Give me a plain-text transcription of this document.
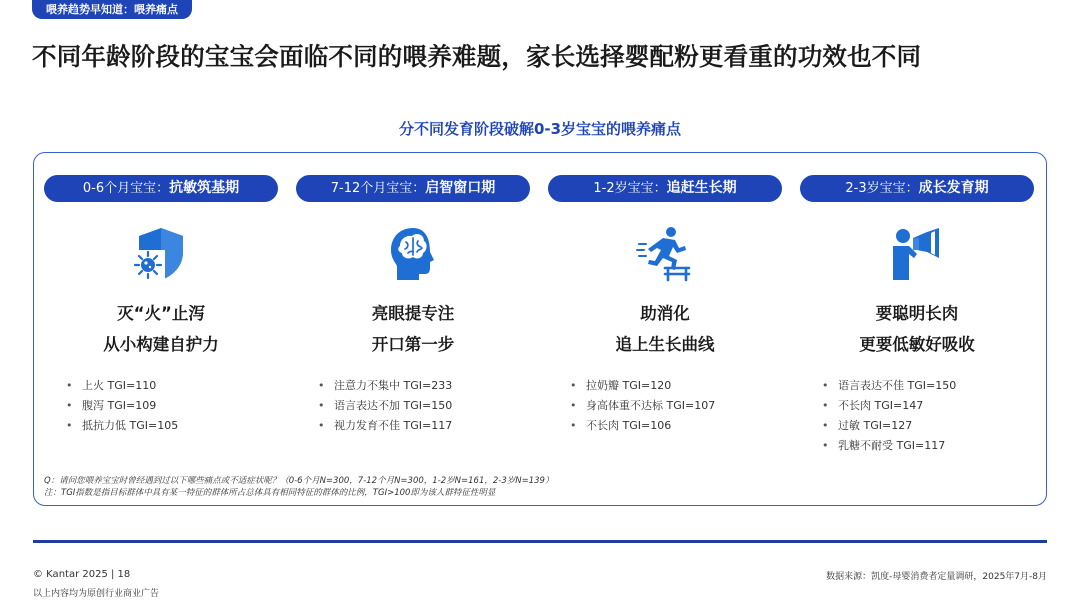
喂养趋势早知道：喂养痛点
不同年龄阶段的宝宝会面临不同的喂养难题，家长选择婴配粉更看重的功效也不同
分不同发育阶段破解0-3岁宝宝的喂养痛点
0-6个月宝宝：抗敏筑基期
灭“火”止泻
从小构建自护力
• 上火 TGI=110
• 腹泻 TGI=109
• 抵抗力低 TGI=105
7-12个月宝宝：启智窗口期
亮眼提专注
开口第一步
• 注意力不集中 TGI=233
• 语言表达不加 TGI=150
• 视力发育不佳 TGI=117
1-2岁宝宝：追赶生长期
助消化
追上生长曲线
• 拉奶瓣 TGI=120
• 身高体重不达标 TGI=107
• 不长肉 TGI=106
2-3岁宝宝：成长发育期
要聪明长肉
更要低敏好吸收
• 语言表达不佳 TGI=150
• 不长肉 TGI=147
• 过敏 TGI=127
• 乳糖不耐受 TGI=117
Q：请问您喂养宝宝时曾经遇到过以下哪些痛点或不适症状呢？（0-6个月N=300，7-12个月N=300，1-2岁N=161，2-3岁N=139）
注：TGI指数是指目标群体中具有某一特征的群体所占总体具有相同特征的群体的比例，TGI>100即为该人群特征性明显
© Kantar 2025 | 18
以上内容均为原创行业商业广告
数据来源：凯度-母婴消费者定量调研，2025年7月-8月
